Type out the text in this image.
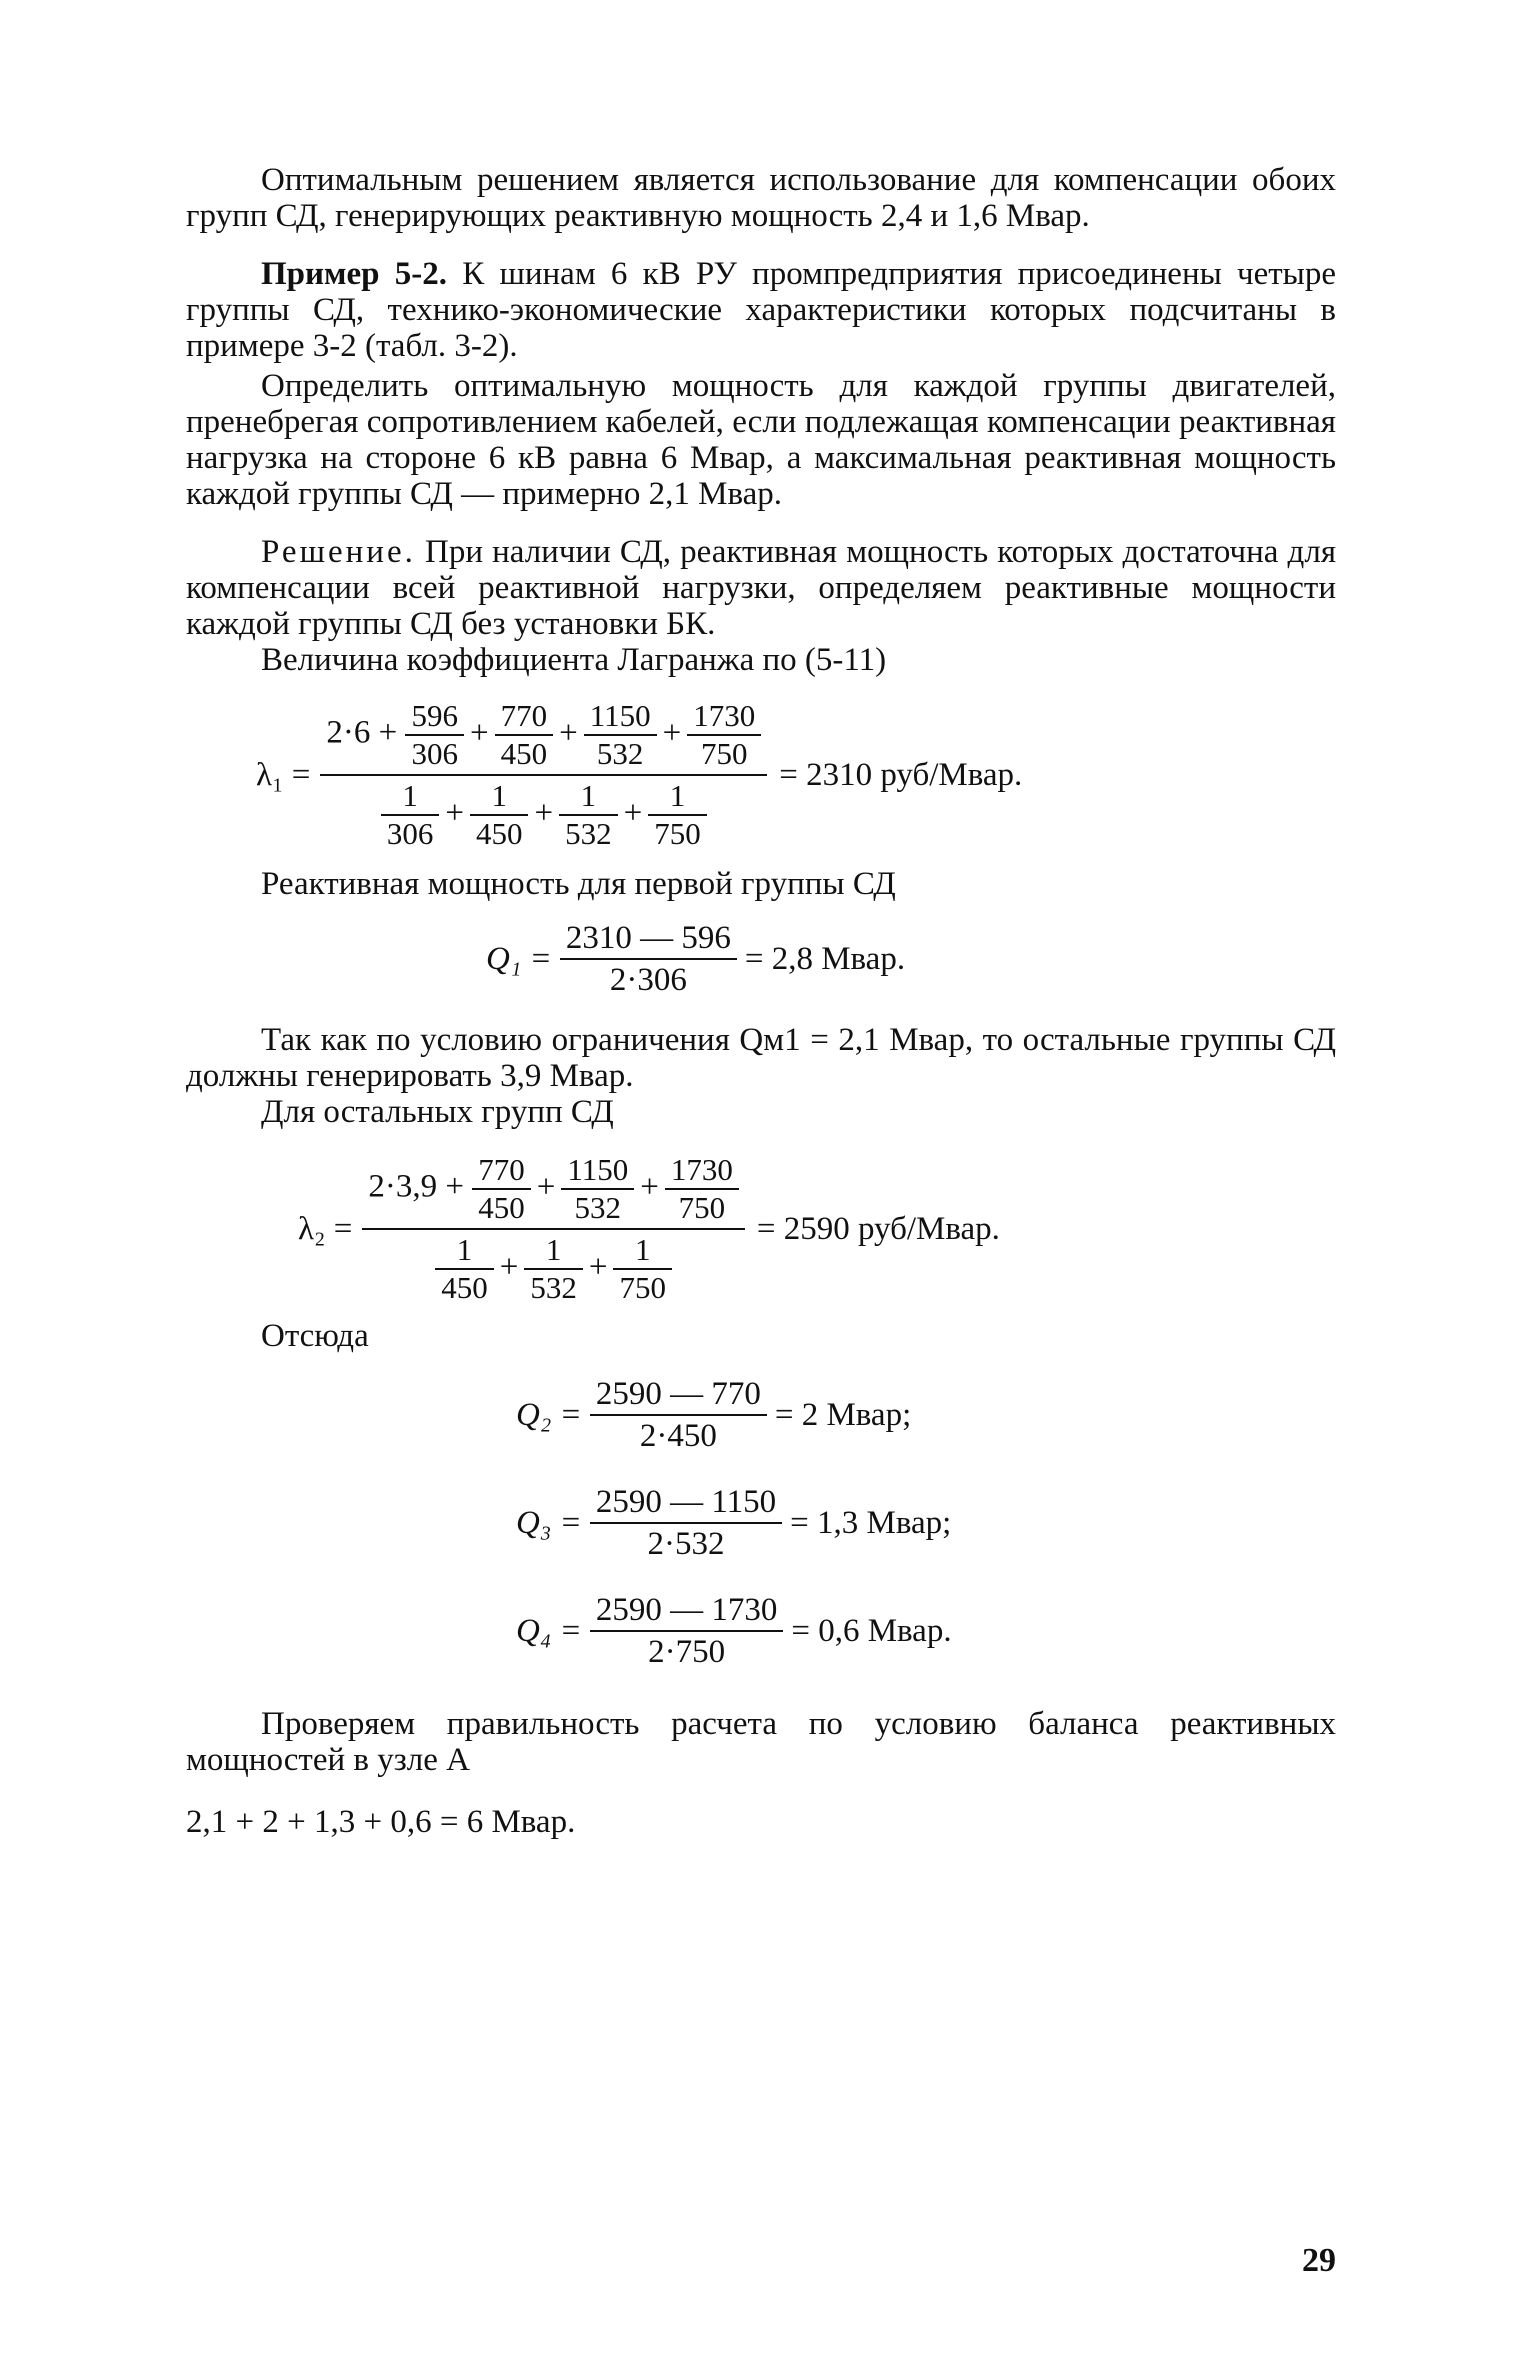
Оптимальным решением является использование для компенсации обоих групп СД, генерирующих реактивную мощность 2,4 и 1,6 Мвар.

Пример 5-2. К шинам 6 кВ РУ промпредприятия присоединены четыре группы СД, технико-экономические характеристики которых подсчитаны в примере 3-2 (табл. 3-2).

Определить оптимальную мощность для каждой группы двигателей, пренебрегая сопротивлением кабелей, если подлежащая компенсации реактивная нагрузка на стороне 6 кВ равна 6 Мвар, а максимальная реактивная мощность каждой группы СД — примерно 2,1 Мвар.

Решение. При наличии СД, реактивная мощность которых достаточна для компенсации всей реактивной нагрузки, определяем реактивные мощности каждой группы СД без установки БК.

Величина коэффициента Лагранжа по (5-11)

$\lambda_1 = \frac{2\cdot 6 + \frac{596}{306} + \frac{770}{450} + \frac{1150}{532} + \frac{1730}{750}}{\frac{1}{306} + \frac{1}{450} + \frac{1}{532} + \frac{1}{750}} = 2310$ руб/Мвар.

Реактивная мощность для первой группы СД

$Q_1 = \frac{2310 — 596}{2\cdot 306} = 2,8$ Мвар.

Так как по условию ограничения Qм1 = 2,1 Мвар, то остальные группы СД должны генерировать 3,9 Мвар.

Для остальных групп СД

$\lambda_2 = \frac{2\cdot 3,9 + \frac{770}{450} + \frac{1150}{532} + \frac{1730}{750}}{\frac{1}{450} + \frac{1}{532} + \frac{1}{750}} = 2590$ руб/Мвар.

Отсюда

$Q_2 = \frac{2590 — 770}{2\cdot 450} = 2$ Мвар;
$Q_3 = \frac{2590 — 1150}{2\cdot 532} = 1,3$ Мвар;
$Q_4 = \frac{2590 — 1730}{2\cdot 750} = 0,6$ Мвар.

Проверяем правильность расчета по условию баланса реактивных мощностей в узле А

2,1 + 2 + 1,3 + 0,6 = 6 Мвар.

29
